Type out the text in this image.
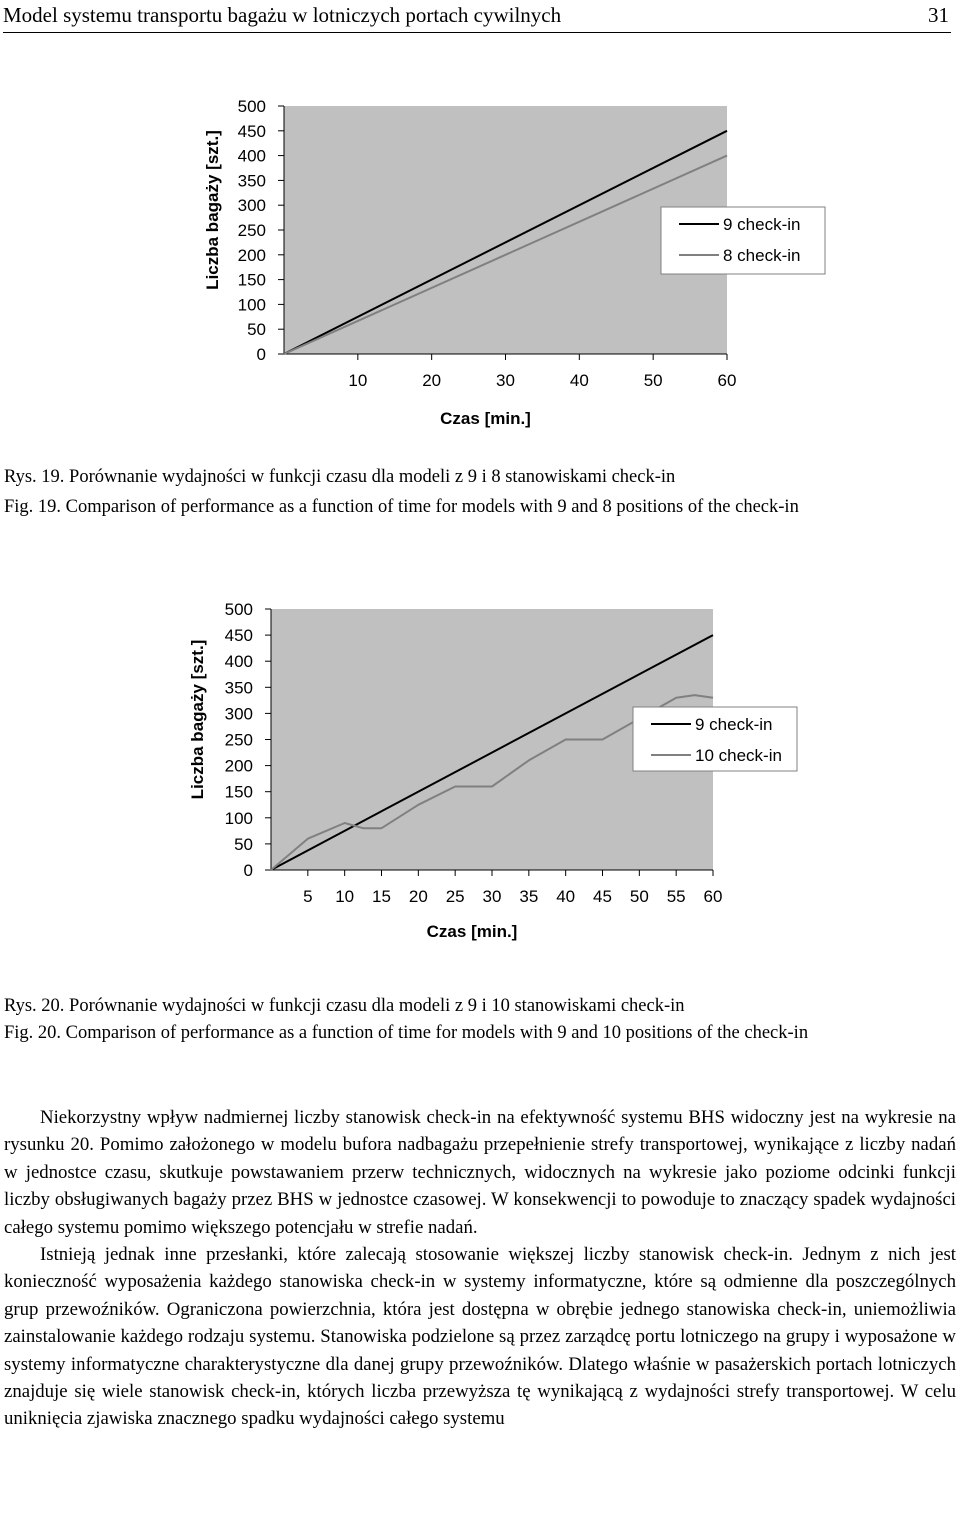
Model systemu transportu bagażu w lotniczych portach cywilnych	31
0
50
100
150
200
250
300
350
400
450
500
10	20	30	40	50	60
Czas [min.]
Liczba bagaży [szt.]	9 check-in
8 check-in
Rys. 19. Porównanie wydajności w funkcji czasu dla modeli z 9 i 8 stanowiskami check-in
Fig. 19. Comparison of performance as a function of time for models with 9 and 8 positions of the check-in
0
50
100
150
200
250
300
350
400
450
500
5 10 15 20 25 30 35 40 45 50 55 60
Czas [min.]
Liczba bagaży [szt.]	9 check-in
10 check-in
Rys. 20. Porównanie wydajności w funkcji czasu dla modeli z 9 i 10 stanowiskami check-in
Fig. 20. Comparison of performance as a function of time for models with 9 and 10 positions of the check-in

Niekorzystny wpływ nadmiernej liczby stanowisk check-in na efektywność systemu BHS widoczny jest na wykresie na rysunku 20. Pomimo założonego w modelu bufora nadbagażu przepełnienie strefy transportowej, wynikające z liczby nadań w jednostce czasu, skutkuje powstawaniem przerw technicznych, widocznych na wykresie jako poziome odcinki funkcji liczby obsługiwanych bagaży przez BHS w jednostce czasowej. W konsekwencji to powoduje to znaczący spadek wydajności całego systemu pomimo większego potencjału w strefie nadań.

Istnieją jednak inne przesłanki, które zalecają stosowanie większej liczby stanowisk check-in. Jednym z nich jest konieczność wyposażenia każdego stanowiska check-in w systemy informatyczne, które są odmienne dla poszczególnych grup przewoźników. Ograniczona powierzchnia, która jest dostępna w obrębie jednego stanowiska check-in, uniemożliwia zainstalowanie każdego rodzaju systemu. Stanowiska podzielone są przez zarządcę portu lotniczego na grupy i wyposażone w systemy informatyczne charakterystyczne dla danej grupy przewoźników. Dlatego właśnie w pasażerskich portach lotniczych znajduje się wiele stanowisk check-in, których liczba przewyższa tę wynikającą z wydajności strefy transportowej. W celu uniknięcia zjawiska znacznego spadku wydajności całego systemu
